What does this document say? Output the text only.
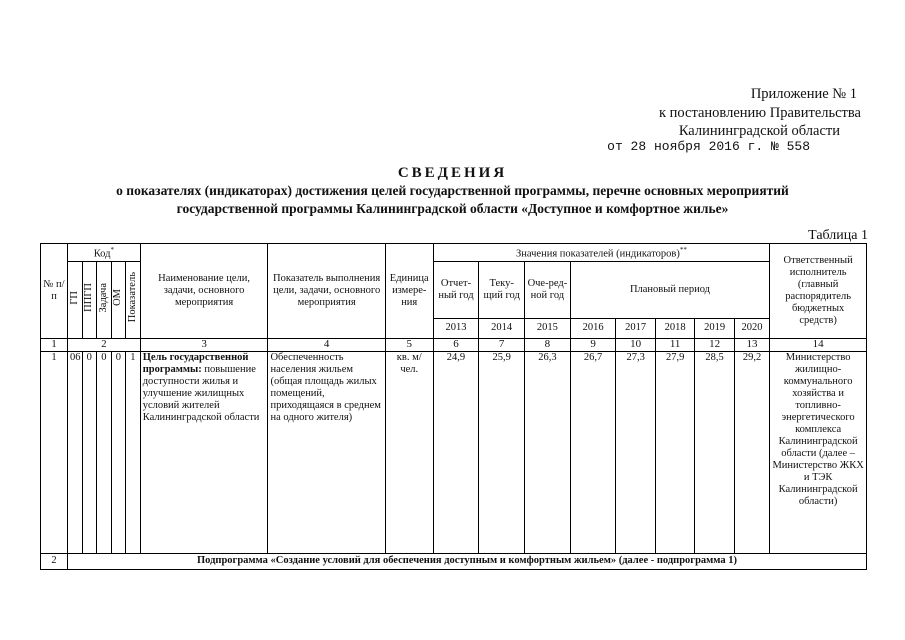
Приложение № 1
к постановлению Правительства
Калининградской области
от 28 ноября 2016 г. № 558
СВЕДЕНИЯ
о показателях (индикаторах) достижения целей государственной программы, перечне основных мероприятий
государственной программы Калининградской области «Доступное и комфортное жилье»
Таблица 1
№ п/п	Код*					Наименование цели, задачи, основного мероприятия	Показатель выполнения цели, задачи, основного мероприятия	Единица измере-ния	Значения показателей (индикаторов)**								Ответственный исполнитель (главный распорядитель бюджетных средств)
	ГП	ППГП	Задача	ОМ	Показатель				Отчет-ный год	Теку-щий год	Оче-ред-ной год	Плановый период					
									2013	2014	2015	2016	2017	2018	2019	2020	
1	2					3	4	5	6	7	8	9	10	11	12	13	14
1	06	0	0	0	1	Цель государственной программы: повышение доступности жилья и улучшение жилищных условий жителей Калининградской области	Обеспеченность населения жильем (общая площадь жилых помещений, приходящаяся в среднем на одного жителя)	кв. м/ чел.	24,9	25,9	26,3	26,7	27,3	27,9	28,5	29,2	Министерство жилищно-коммунального хозяйства и топливно-энергетического комплекса Калининградской области (далее – Министерство ЖКХ и ТЭК Калининградской области)
2	Подпрограмма «Создание условий для обеспечения доступным и комфортным жильем» (далее - подпрограмма 1)																
